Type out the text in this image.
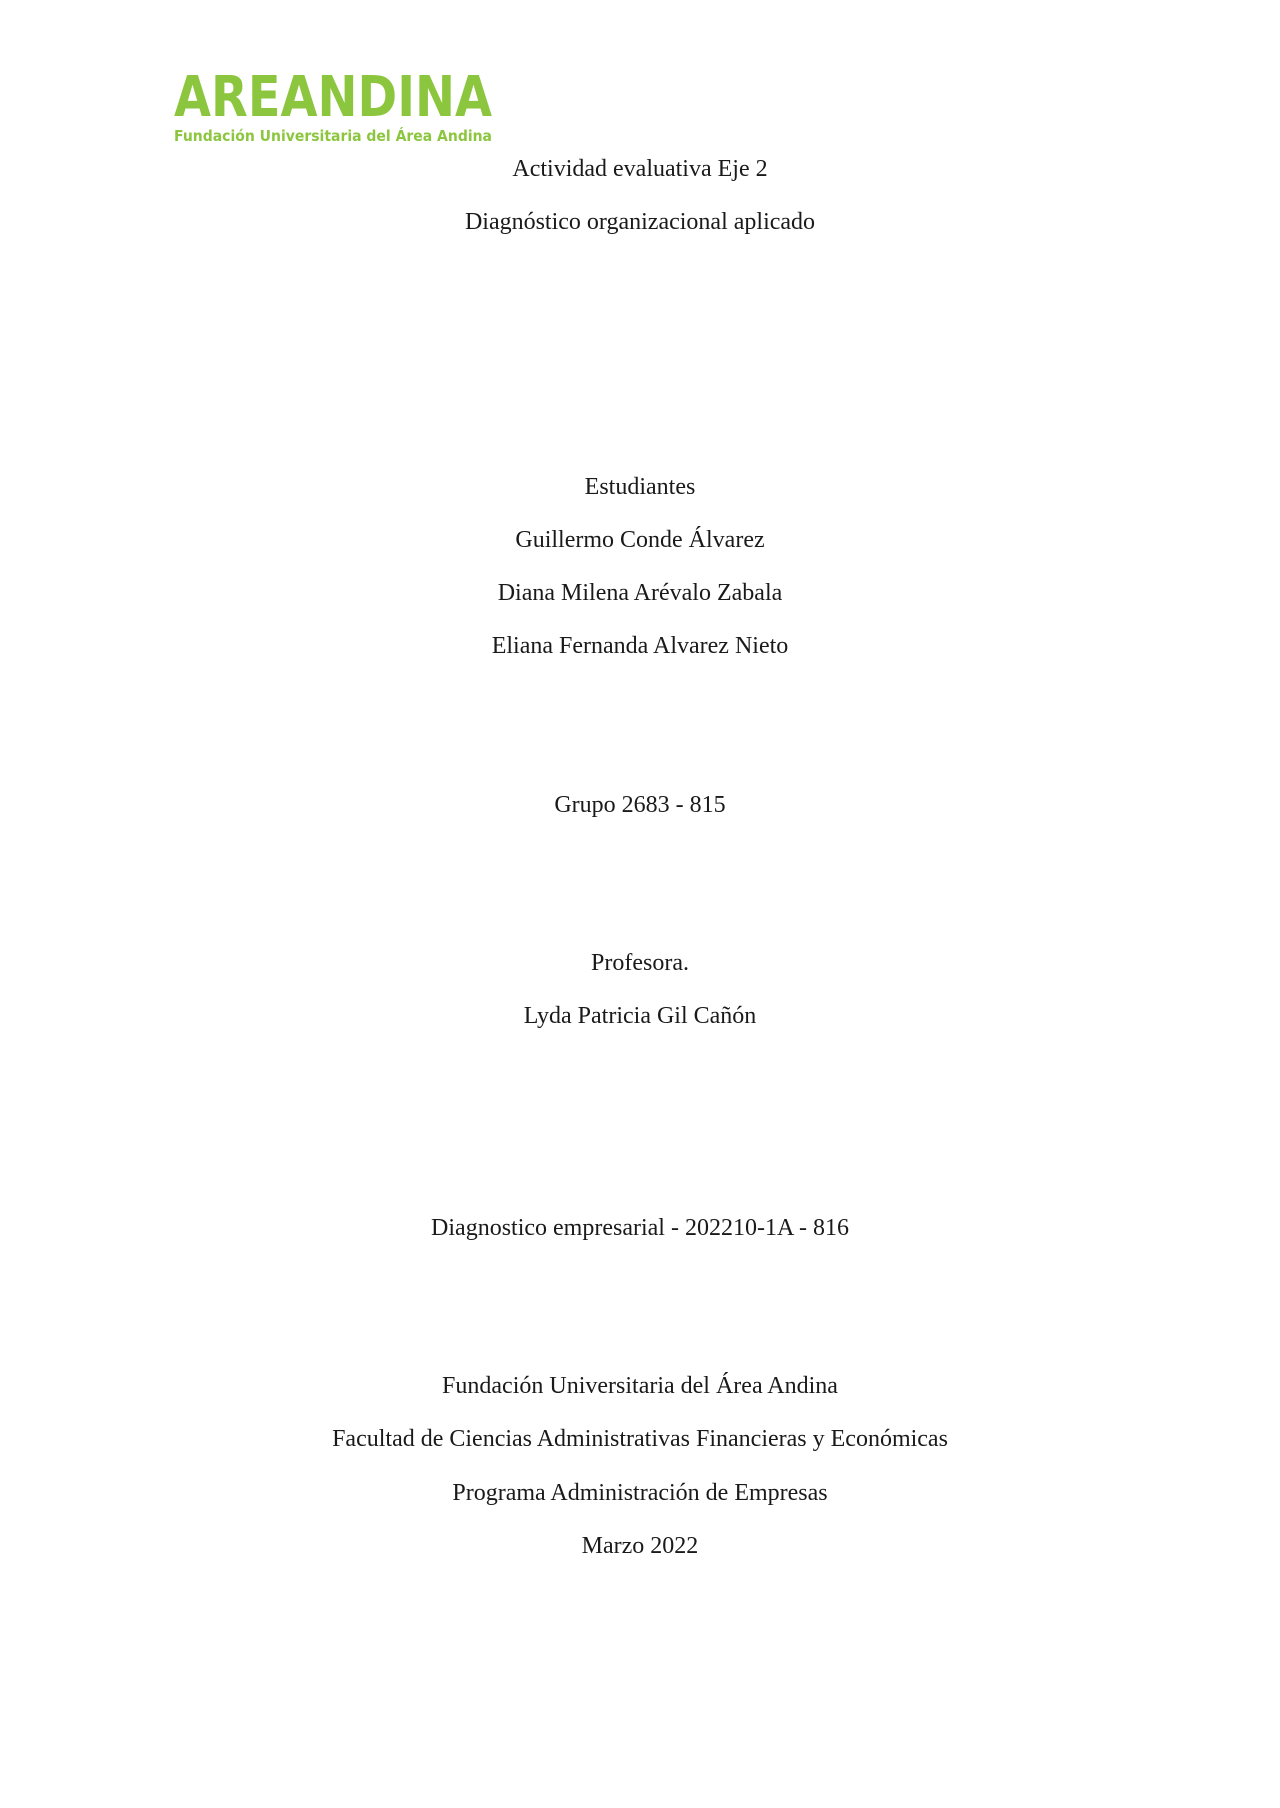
AREANDINA
Fundación Universitaria del Área Andina
Actividad evaluativa Eje 2
Diagnóstico organizacional aplicado
Estudiantes
Guillermo Conde Álvarez
Diana Milena Arévalo Zabala
Eliana Fernanda Alvarez Nieto
Grupo 2683 - 815
Profesora.
Lyda Patricia Gil Cañón
Diagnostico empresarial - 202210-1A - 816
Fundación Universitaria del Área Andina
Facultad de Ciencias Administrativas Financieras y Económicas
Programa Administración de Empresas
Marzo 2022
